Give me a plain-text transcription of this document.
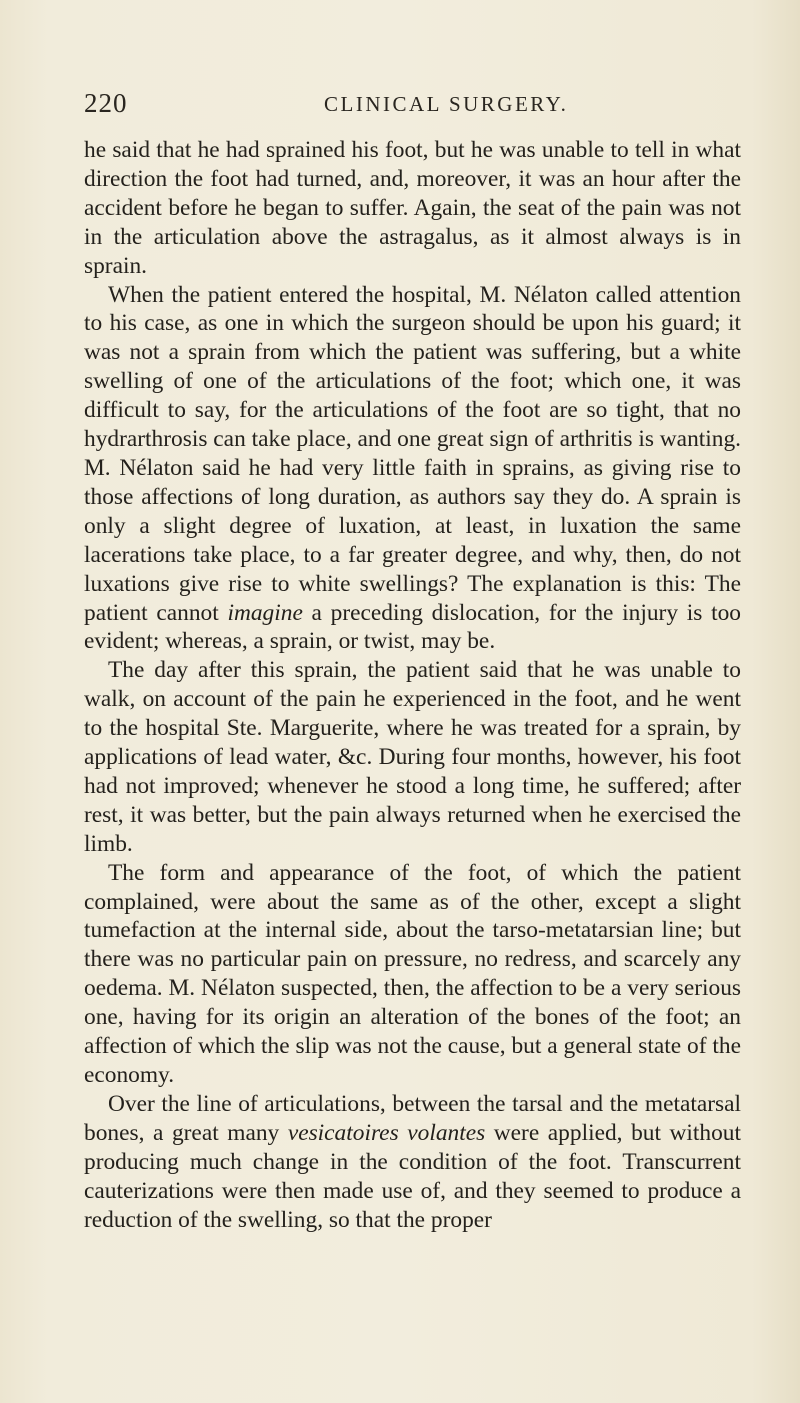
220	CLINICAL SURGERY.

he said that he had sprained his foot, but he was unable to tell in what direction the foot had turned, and, moreover, it was an hour after the accident before he began to suffer. Again, the seat of the pain was not in the articulation above the astragalus, as it almost always is in sprain.

When the patient entered the hospital, M. Nélaton called attention to his case, as one in which the surgeon should be upon his guard; it was not a sprain from which the patient was suffering, but a white swelling of one of the articulations of the foot; which one, it was difficult to say, for the articulations of the foot are so tight, that no hydrarthrosis can take place, and one great sign of arthritis is wanting. M. Nélaton said he had very little faith in sprains, as giving rise to those affections of long duration, as authors say they do. A sprain is only a slight degree of luxation, at least, in luxation the same lacerations take place, to a far greater degree, and why, then, do not luxations give rise to white swellings? The explanation is this: The patient cannot imagine a preceding dislocation, for the injury is too evident; whereas, a sprain, or twist, may be.

The day after this sprain, the patient said that he was unable to walk, on account of the pain he experienced in the foot, and he went to the hospital Ste. Marguerite, where he was treated for a sprain, by applications of lead water, &c. During four months, however, his foot had not improved; whenever he stood a long time, he suffered; after rest, it was better, but the pain always returned when he exercised the limb.

The form and appearance of the foot, of which the patient complained, were about the same as of the other, except a slight tumefaction at the internal side, about the tarso-metatarsian line; but there was no particular pain on pressure, no redress, and scarcely any oedema. M. Nélaton suspected, then, the affection to be a very serious one, having for its origin an alteration of the bones of the foot; an affection of which the slip was not the cause, but a general state of the economy.

Over the line of articulations, between the tarsal and the metatarsal bones, a great many vesicatoires volantes were applied, but without producing much change in the condition of the foot. Transcurrent cauterizations were then made use of, and they seemed to produce a reduction of the swelling, so that the proper
